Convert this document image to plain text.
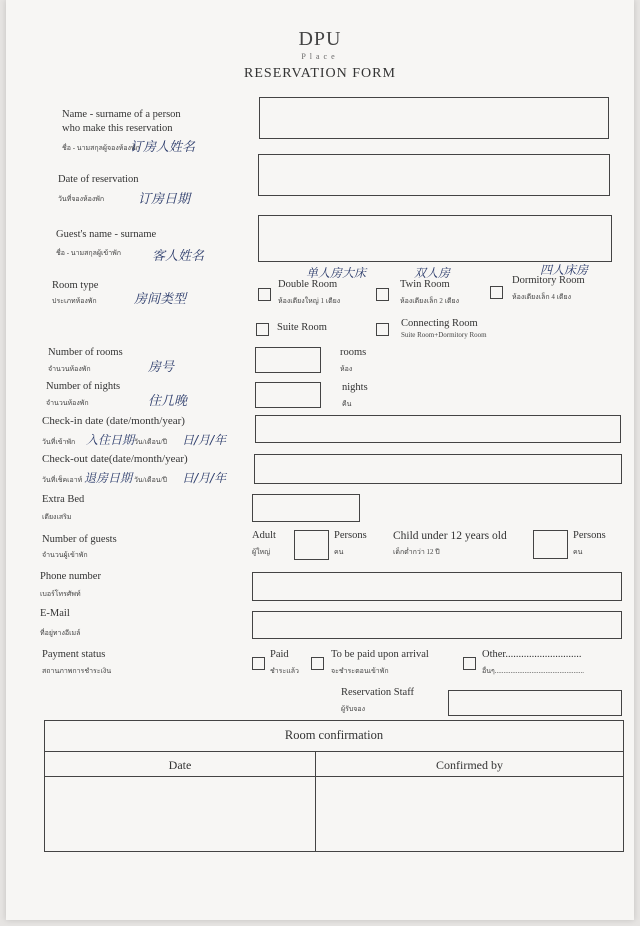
DPU
Place
RESERVATION FORM
Name - surname of a person
who make this reservation
ชื่อ - นามสกุลผู้จองห้องพัก
订房人姓名
Date of reservation
วันที่จองห้องพัก	订房日期
Guest's name - surname
ชื่อ - นามสกุลผู้เข้าพัก 客人姓名
Room type
ประเภทห้องพัก	房间类型
单人房大床
Double Room
ห้องเตียงใหญ่ 1 เตียง
双人房
Twin Room
ห้องเตียงเล็ก 2 เตียง
四人床房
Dormitory Room
ห้องเตียงเล็ก 4 เตียง
Suite Room	Connecting Room
Suite Room+Dormitory Room
Number of rooms
จำนวนห้องพัก	房号
rooms
ห้อง
Number of nights
จำนวนห้องพัก	住几晚
nights
คืน
Check-in date (date/month/year)
วันที่เข้าพัก 入住日期 วัน/เดือน/ปี 日/月/年
Check-out date(date/month/year)
วันที่เช็คเอาท์ 退房日期 วัน/เดือน/ปี 日/月/年
Extra Bed
เตียงเสริม
Number of guests
จำนวนผู้เข้าพัก
Adult
ผู้ใหญ่
Persons
คน
Child under 12 years old
เด็กต่ำกว่า 12 ปี
Persons
คน
Phone number
เบอร์โทรศัพท์
E-Mail
ที่อยู่ทางอีเมล์
Payment status
สถานภาพการชำระเงิน
Paid
ชำระแล้ว
To be paid upon arrival
จะชำระตอนเข้าพัก
Other.............................
อื่นๆ...................................................
Reservation Staff
ผู้รับจอง
Room confirmation
Date	Confirmed by
